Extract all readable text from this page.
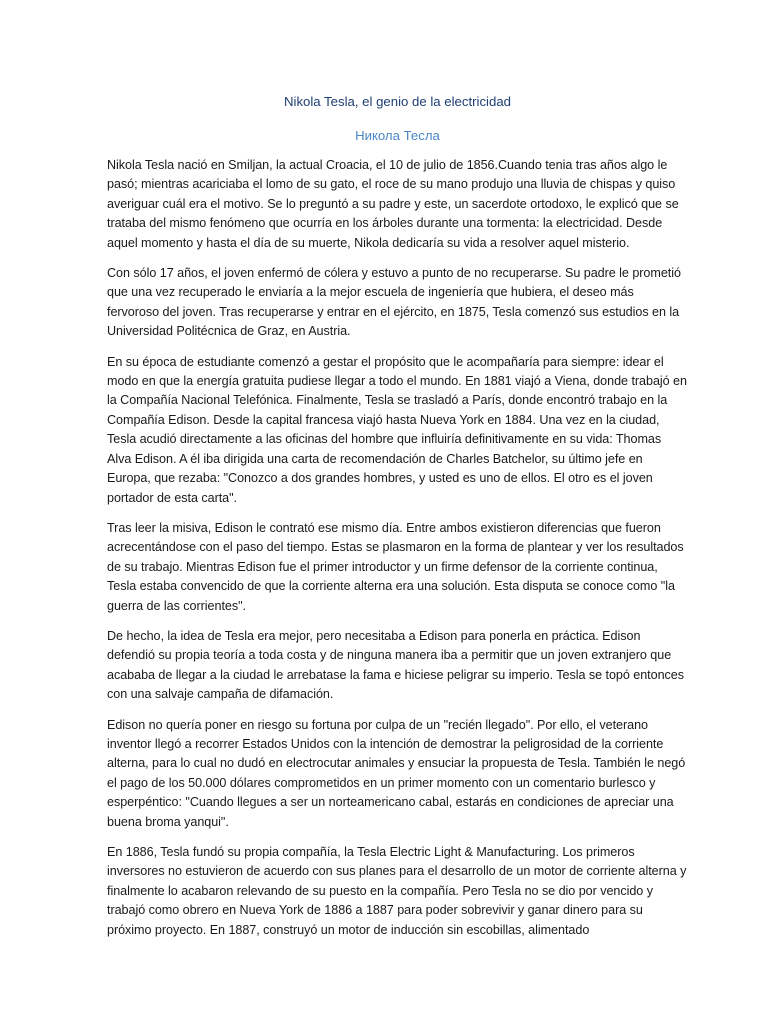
Nikola Tesla, el genio de la electricidad
Никола Тесла

Nikola Tesla nació en Smiljan, la actual Croacia, el 10 de julio de 1856.Cuando tenia tras años algo le pasó; mientras acariciaba el lomo de su gato, el roce de su mano produjo una lluvia de chispas y quiso averiguar cuál era el motivo. Se lo preguntó a su padre y este, un sacerdote ortodoxo, le explicó que se trataba del mismo fenómeno que ocurría en los árboles durante una tormenta: la electricidad. Desde aquel momento y hasta el día de su muerte, Nikola dedicaría su vida a resolver aquel misterio.

Con sólo 17 años, el joven enfermó de cólera y estuvo a punto de no recuperarse. Su padre le prometió que una vez recuperado le enviaría a la mejor escuela de ingeniería que hubiera, el deseo más fervoroso del joven. Tras recuperarse y entrar en el ejército, en 1875, Tesla comenzó sus estudios en la Universidad Politécnica de Graz, en Austria.

En su época de estudiante comenzó a gestar el propósito que le acompañaría para siempre: idear el modo en que la energía gratuita pudiese llegar a todo el mundo. En 1881 viajó a Viena, donde trabajó en la Compañía Nacional Telefónica. Finalmente, Tesla se trasladó a París, donde encontró trabajo en la Compañía Edison. Desde la capital francesa viajó hasta Nueva York en 1884. Una vez en la ciudad, Tesla acudió directamente a las oficinas del hombre que influiría definitivamente en su vida: Thomas Alva Edison. A él iba dirigida una carta de recomendación de Charles Batchelor, su último jefe en Europa, que rezaba: "Conozco a dos grandes hombres, y usted es uno de ellos. El otro es el joven portador de esta carta".

Tras leer la misiva, Edison le contrató ese mismo día. Entre ambos existieron diferencias que fueron acrecentándose con el paso del tiempo. Estas se plasmaron en la forma de plantear y ver los resultados de su trabajo. Mientras Edison fue el primer introductor y un firme defensor de la corriente continua, Tesla estaba convencido de que la corriente alterna era una solución. Esta disputa se conoce como "la guerra de las corrientes".

De hecho, la idea de Tesla era mejor, pero necesitaba a Edison para ponerla en práctica. Edison defendió su propia teoría a toda costa y de ninguna manera iba a permitir que un joven extranjero que acababa de llegar a la ciudad le arrebatase la fama e hiciese peligrar su imperio. Tesla se topó entonces con una salvaje campaña de difamación.

Edison no quería poner en riesgo su fortuna por culpa de un "recién llegado". Por ello, el veterano inventor llegó a recorrer Estados Unidos con la intención de demostrar la peligrosidad de la corriente alterna, para lo cual no dudó en electrocutar animales y ensuciar la propuesta de Tesla. También le negó el pago de los 50.000 dólares comprometidos en un primer momento con un comentario burlesco y esperpéntico: "Cuando llegues a ser un norteamericano cabal, estarás en condiciones de apreciar una buena broma yanqui".

En 1886, Tesla fundó su propia compañía, la Tesla Electric Light & Manufacturing. Los primeros inversores no estuvieron de acuerdo con sus planes para el desarrollo de un motor de corriente alterna y finalmente lo acabaron relevando de su puesto en la compañía. Pero Tesla no se dio por vencido y trabajó como obrero en Nueva York de 1886 a 1887 para poder sobrevivir y ganar dinero para su próximo proyecto. En 1887, construyó un motor de inducción sin escobillas, alimentado
